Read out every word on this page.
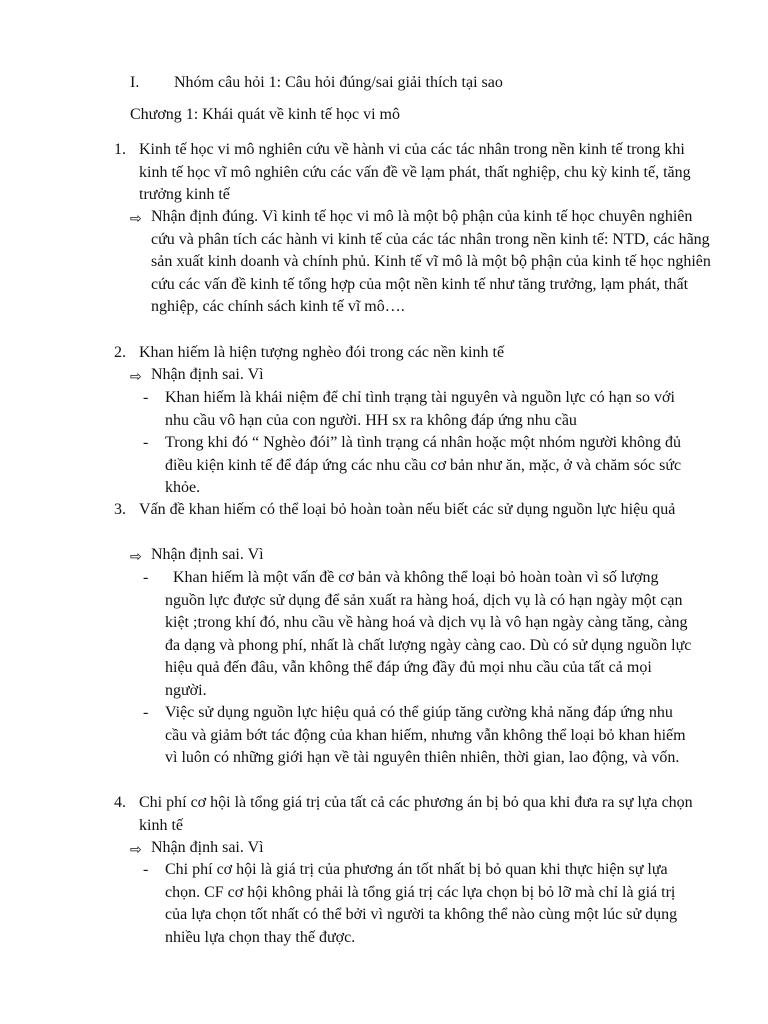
I. Nhóm câu hỏi 1: Câu hỏi đúng/sai giải thích tại sao
Chương 1: Khái quát về kinh tế học vi mô
1. Kinh tế học vi mô nghiên cứu về hành vi của các tác nhân trong nền kinh tế trong khi kinh tế học vĩ mô nghiên cứu các vấn đề về lạm phát, thất nghiệp, chu kỳ kinh tế, tăng trưởng kinh tế
⇨ Nhận định đúng. Vì kinh tế học vi mô là một bộ phận của kinh tế học chuyên nghiên cứu và phân tích các hành vi kinh tế của các tác nhân trong nền kinh tế: NTD, các hãng sản xuất kinh doanh và chính phủ. Kinh tế vĩ mô là một bộ phận của kinh tế học nghiên cứu các vấn đề kinh tế tổng hợp của một nền kinh tế như tăng trưởng, lạm phát, thất nghiệp, các chính sách kinh tế vĩ mô….
2. Khan hiếm là hiện tượng nghèo đói trong các nền kinh tế
⇨ Nhận định sai. Vì
- Khan hiếm là khái niệm để chỉ tình trạng tài nguyên và nguồn lực có hạn so với nhu cầu vô hạn của con người. HH sx ra không đáp ứng nhu cầu
- Trong khi đó “ Nghèo đói” là tình trạng cá nhân hoặc một nhóm người không đủ điều kiện kinh tế để đáp ứng các nhu cầu cơ bản như ăn, mặc, ở và chăm sóc sức khỏe.
3. Vấn đề khan hiếm có thể loại bỏ hoàn toàn nếu biết các sử dụng nguồn lực hiệu quả
⇨ Nhận định sai. Vì
-	Khan hiếm là một vấn đề cơ bản và không thể loại bỏ hoàn toàn vì số lượng nguồn lực được sử dụng để sản xuất ra hàng hoá, dịch vụ là có hạn ngày một cạn kiệt ;trong khí đó, nhu cầu về hàng hoá và dịch vụ là vô hạn ngày càng tăng, càng đa dạng và phong phí, nhất là chất lượng ngày càng cao. Dù có sử dụng nguồn lực hiệu quả đến đâu, vẫn không thể đáp ứng đầy đủ mọi nhu cầu của tất cả mọi người.
- Việc sử dụng nguồn lực hiệu quả có thể giúp tăng cường khả năng đáp ứng nhu cầu và giảm bớt tác động của khan hiếm, nhưng vẫn không thể loại bỏ khan hiếm vì luôn có những giới hạn về tài nguyên thiên nhiên, thời gian, lao động, và vốn.
4. Chi phí cơ hội là tổng giá trị của tất cả các phương án bị bỏ qua khi đưa ra sự lựa chọn kinh tế
⇨ Nhận định sai. Vì
- Chi phí cơ hội là giá trị của phương án tốt nhất bị bỏ quan khi thực hiện sự lựa chọn. CF cơ hội không phải là tổng giá trị các lựa chọn bị bỏ lỡ mà chỉ là giá trị của lựa chọn tốt nhất có thể bởi vì người ta không thể nào cùng một lúc sử dụng nhiều lựa chọn thay thế được.
